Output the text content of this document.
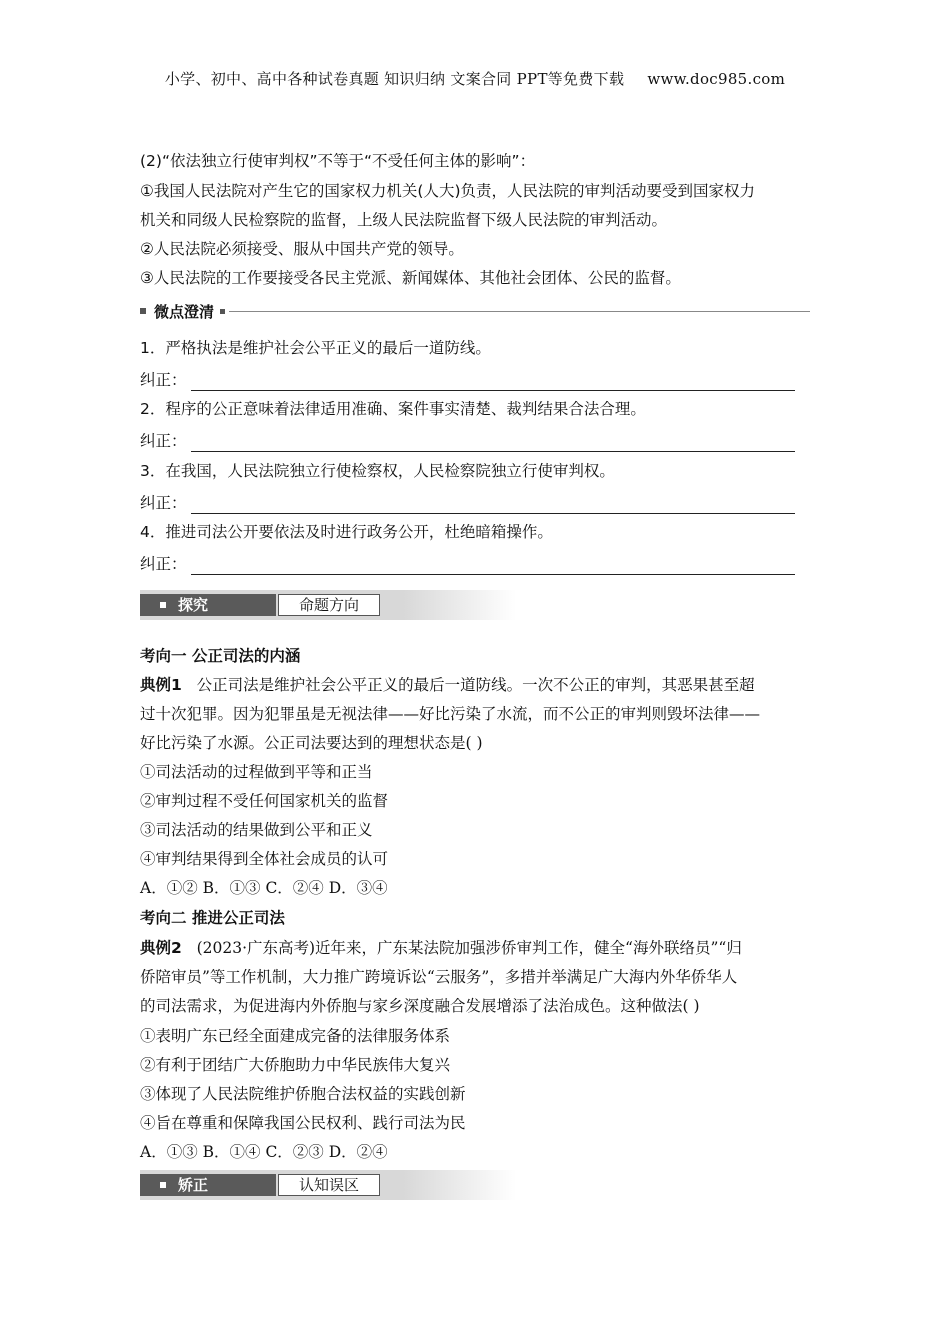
小学、初中、高中各种试卷真题 知识归纳 文案合同 PPT等免费下载 www.doc985.com
(2)“依法独立行使审判权”不等于“不受任何主体的影响”：
①我国人民法院对产生它的国家权力机关(人大)负责，人民法院的审判活动要受到国家权力
机关和同级人民检察院的监督，上级人民法院监督下级人民法院的审判活动。
②人民法院必须接受、服从中国共产党的领导。
③人民法院的工作要接受各民主党派、新闻媒体、其他社会团体、公民的监督。
微点澄清
1．严格执法是维护社会公平正义的最后一道防线。
纠正：
2．程序的公正意味着法律适用准确、案件事实清楚、裁判结果合法合理。
纠正：
3．在我国，人民法院独立行使检察权，人民检察院独立行使审判权。
纠正：
4．推进司法公开要依法及时进行政务公开，杜绝暗箱操作。
纠正：
探究	命题方向
考向一 公正司法的内涵
典例1 公正司法是维护社会公平正义的最后一道防线。一次不公正的审判，其恶果甚至超
过十次犯罪。因为犯罪虽是无视法律——好比污染了水流，而不公正的审判则毁坏法律——
好比污染了水源。公正司法要达到的理想状态是( )
①司法活动的过程做到平等和正当
②审判过程不受任何国家机关的监督
③司法活动的结果做到公平和正义
④审判结果得到全体社会成员的认可
A．①② B．①③ C．②④ D．③④
考向二 推进公正司法
典例2 (2023·广东高考)近年来，广东某法院加强涉侨审判工作，健全“海外联络员”“归
侨陪审员”等工作机制，大力推广跨境诉讼“云服务”，多措并举满足广大海内外华侨华人
的司法需求，为促进海内外侨胞与家乡深度融合发展增添了法治成色。这种做法( )
①表明广东已经全面建成完备的法律服务体系
②有利于团结广大侨胞助力中华民族伟大复兴
③体现了人民法院维护侨胞合法权益的实践创新
④旨在尊重和保障我国公民权利、践行司法为民
A．①③ B．①④ C．②③ D．②④
矫正	认知误区
